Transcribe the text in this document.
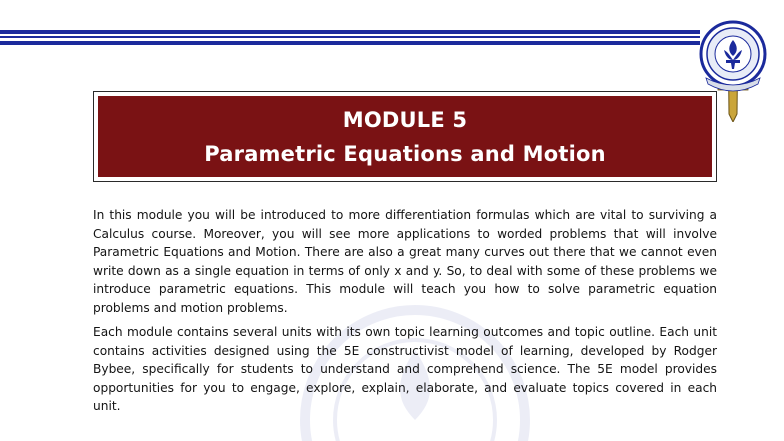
MODULE 5
Parametric Equations and Motion

In this module you will be introduced to more differentiation formulas which are vital to surviving a Calculus course. Moreover, you will see more applications to worded problems that will involve Parametric Equations and Motion. There are also a great many curves out there that we cannot even write down as a single equation in terms of only x and y. So, to deal with some of these problems we introduce parametric equations. This module will teach you how to solve parametric equation problems and motion problems.

Each module contains several units with its own topic learning outcomes and topic outline. Each unit contains activities designed using the 5E constructivist model of learning, developed by Rodger Bybee, specifically for students to understand and comprehend science. The 5E model provides opportunities for you to engage, explore, explain, elaborate, and evaluate topics covered in each unit.
